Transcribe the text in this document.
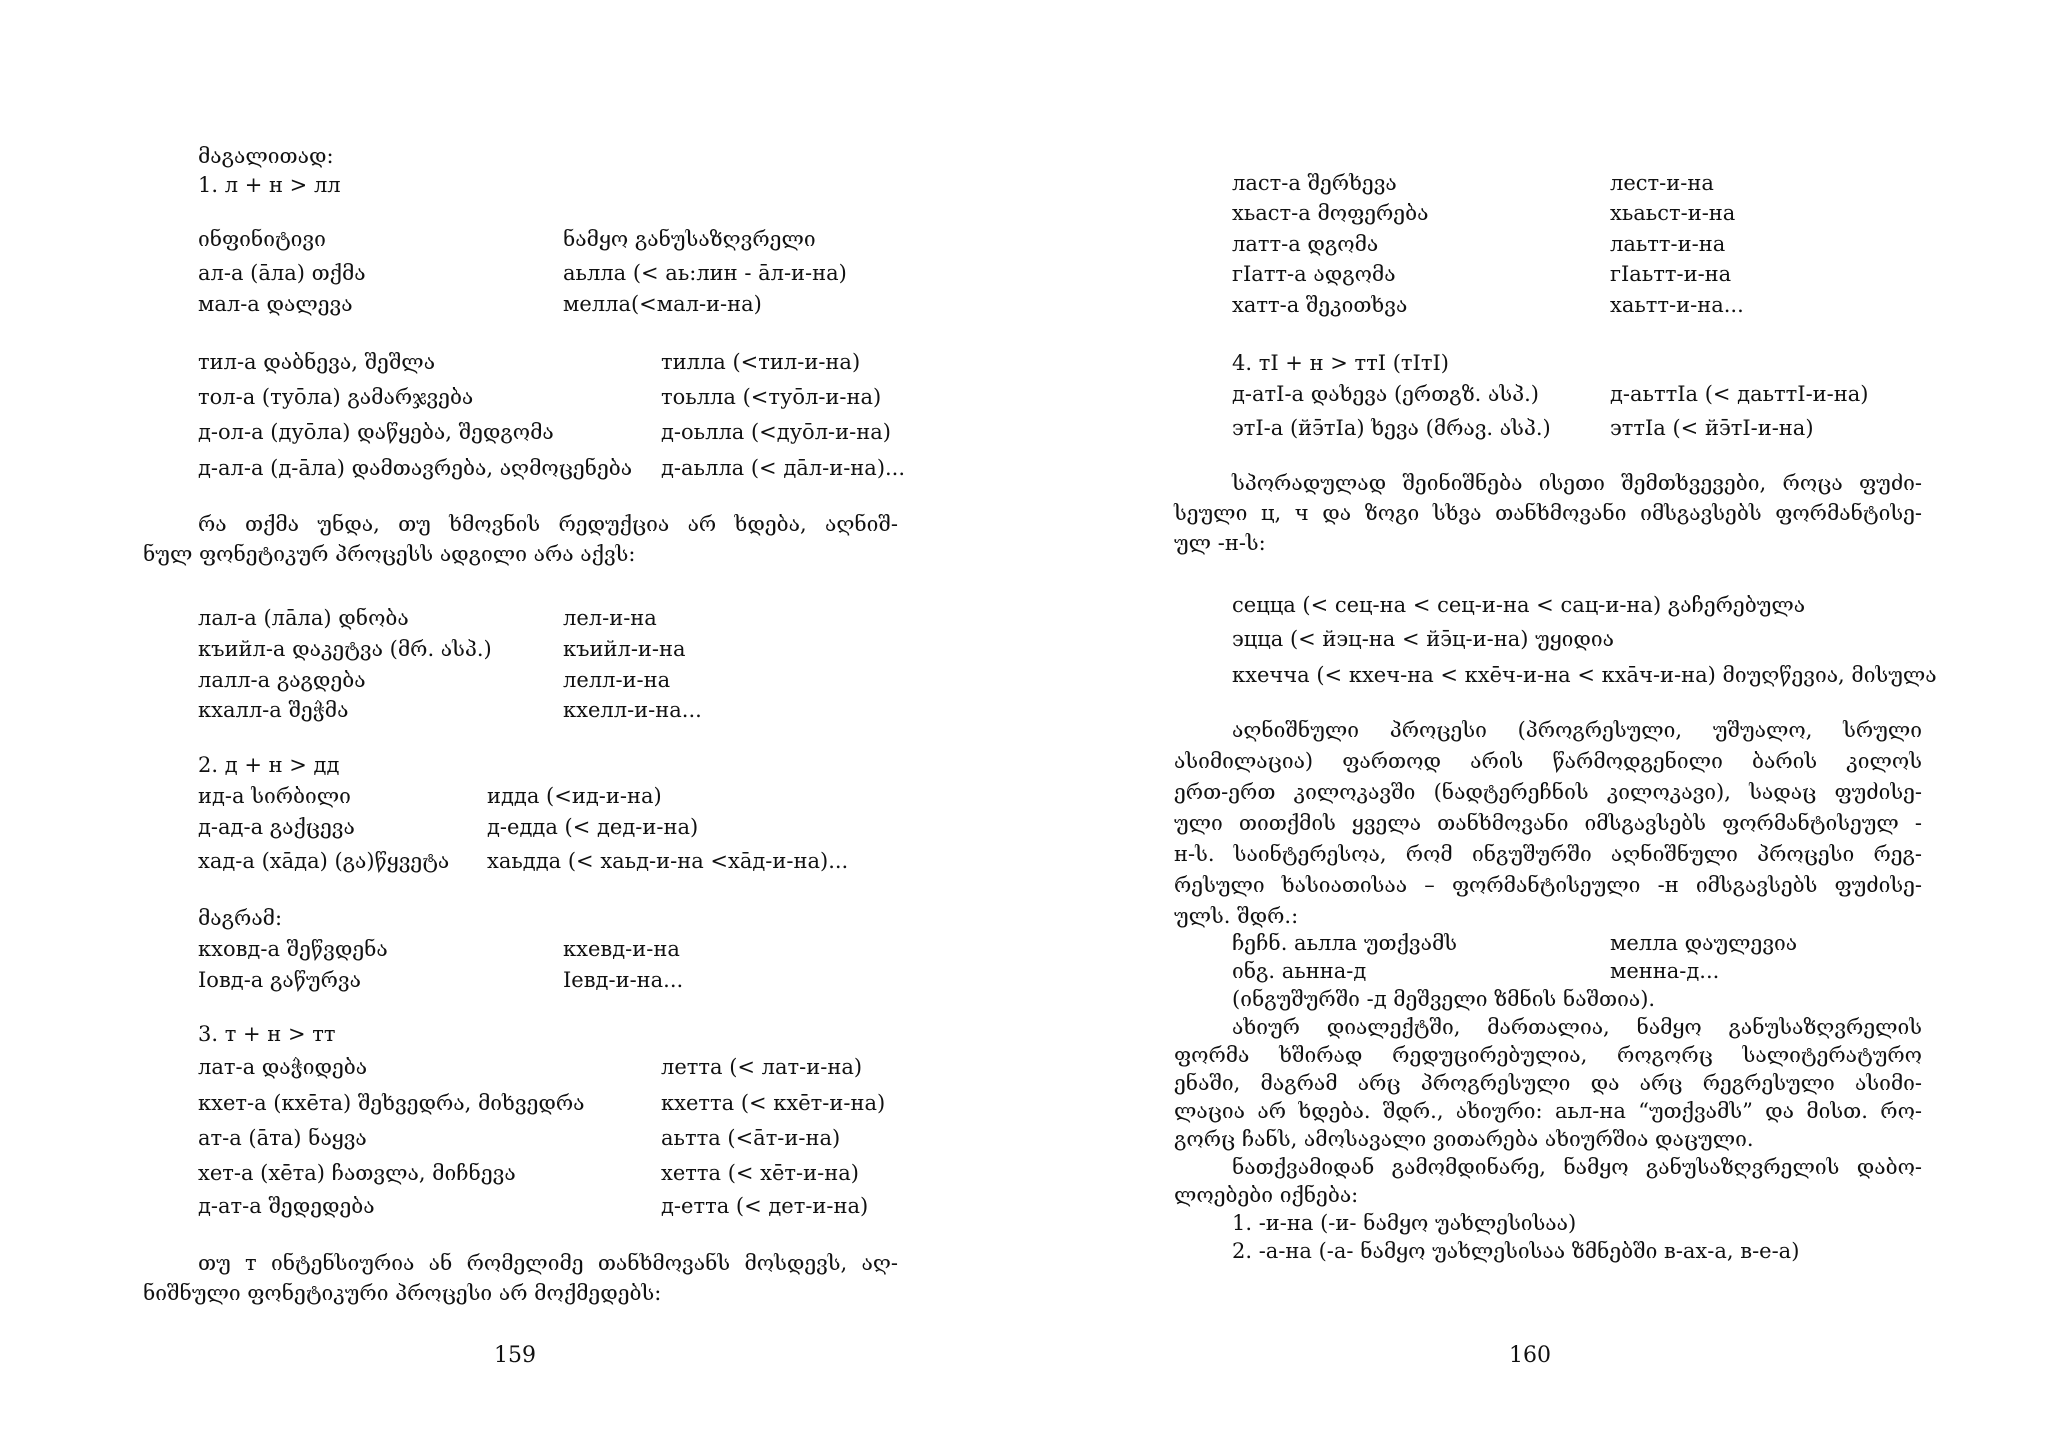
მაგალითად:
1. л + н > лл
ინფინიტივი	ნამყო განუსაზღვრელი
ал-а (āла) თქმა	аьлла (< аь:лин - āл-и-на)
мал-а დალევა	мелла(<мал-и-на)
тил-а დაბნევა, შეშლა	тилла (<тил-и-на)
тол-а (туōла) გამარჯვება	тоьлла (<туōл-и-на)
д-ол-а (дуōла) დაწყება, შედგომა	д-оьлла (<дуōл-и-на)
д-ал-а (д-āла) დამთავრება, აღმოცენება д-аьлла (< дāл-и-на)...
რა თქმა უნდა, თუ ხმოვნის რედუქცია არ ხდება, აღნიშ-
ნულ ფონეტიკურ პროცესს ადგილი არა აქვს:
лал-а (лāла) დნობა	лел-и-на
къийл-а დაკეტვა (მრ. ასპ.)	къийл-и-на
лалл-а გაგდება	лелл-и-на
кхалл-а შეჭმა	кхелл-и-на...
2. д + н > дд
ид-а სირბილი	идда (<ид-и-на)
д-ад-а გაქცევა	д-едда (< дед-и-на)
хад-а (хāда) (გა)წყვეტა хаьдда (< хаьд-и-на <хāд-и-на)...
მაგრამ:
кховд-а შეწვდენა	кхевд-и-на
Iовд-а გაწურვა	Iевд-и-на...
3. т + н > тт
лат-а დაჭიდება	летта (< лат-и-на)
кхет-а (кхēта) შეხვედრა, მიხვედრა	кхетта (< кхēт-и-на)
ат-а (āта) ნაყვა	аьтта (<āт-и-на)
хет-а (хēта) ჩათვლა, მიჩნევა	хетта (< хēт-и-на)
д-ат-а შედედება	д-етта (< дет-и-на)
თუ т ინტენსიურია ან რომელიმე თანხმოვანს მოსდევს, აღ-
ნიშნული ფონეტიკური პროცესი არ მოქმედებს:
159
ласт-а შერხევა	лест-и-на
хьаст-а მოფერება	хьаьст-и-на
латт-а დგომა	лаьтт-и-на
гIатт-а ადგომა	гIаьтт-и-на
хатт-а შეკითხვა	хаьтт-и-на...
4. тI + н > ттI (тIтI)
д-атI-а დახევა (ერთგზ. ასპ.)	д-аьттIа (< даьттI-и-на)
этI-а (йэ̄тIа) ხევა (მრავ. ასპ.)	эттIа (< йэ̄тI-и-на)
სპორადულად შეინიშნება ისეთი შემთხვევები, როცა ფუძი-
სეული ц, ч და ზოგი სხვა თანხმოვანი იმსგავსებს ფორმანტისე-
ულ -н-ს:
сецца (< сец-на < сец-и-на < сац-и-на) გაჩერებულა
эцца (< йэц-на < йэ̄ц-и-на) უყიდია
кхечча (< кхеч-на < кхēч-и-на < кхāч-и-на) მიუღწევია, მისულა
აღნიშნული პროცესი (პროგრესული, უშუალო, სრული
ასიმილაცია) ფართოდ არის წარმოდგენილი ბარის კილოს
ერთ-ერთ კილოკავში (ნადტერეჩნის კილოკავი), სადაც ფუძისე-
ული თითქმის ყველა თანხმოვანი იმსგავსებს ფორმანტისეულ -
н-ს. საინტერესოა, რომ ინგუშურში აღნიშნული პროცესი რეგ-
რესული ხასიათისაა – ფორმანტისეული -н იმსგავსებს ფუძისე-
ულს. შდრ.:
ჩეჩნ. аьлла უთქვამს	мелла დაულევია
ინგ. аьнна-д	менна-д...
(ინგუშურში -д მეშველი ზმნის ნაშთია).
ახიურ დიალექტში, მართალია, ნამყო განუსაზღვრელის
ფორმა ხშირად რედუცირებულია, როგორც სალიტერატურო
ენაში, მაგრამ არც პროგრესული და არც რეგრესული ასიმი-
ლაცია არ ხდება. შდრ., ახიური: аьл-на “უთქვამს” და მისთ. რო-
გორც ჩანს, ამოსავალი ვითარება ახიურშია დაცული.
ნათქვამიდან გამომდინარე, ნამყო განუსაზღვრელის დაბო-
ლოებები იქნება:
1. -и-на (-и- ნამყო უახლესისაა)
2. -а-на (-а- ნამყო უახლესისაა ზმნებში в-ах-а, в-е-а)
160
